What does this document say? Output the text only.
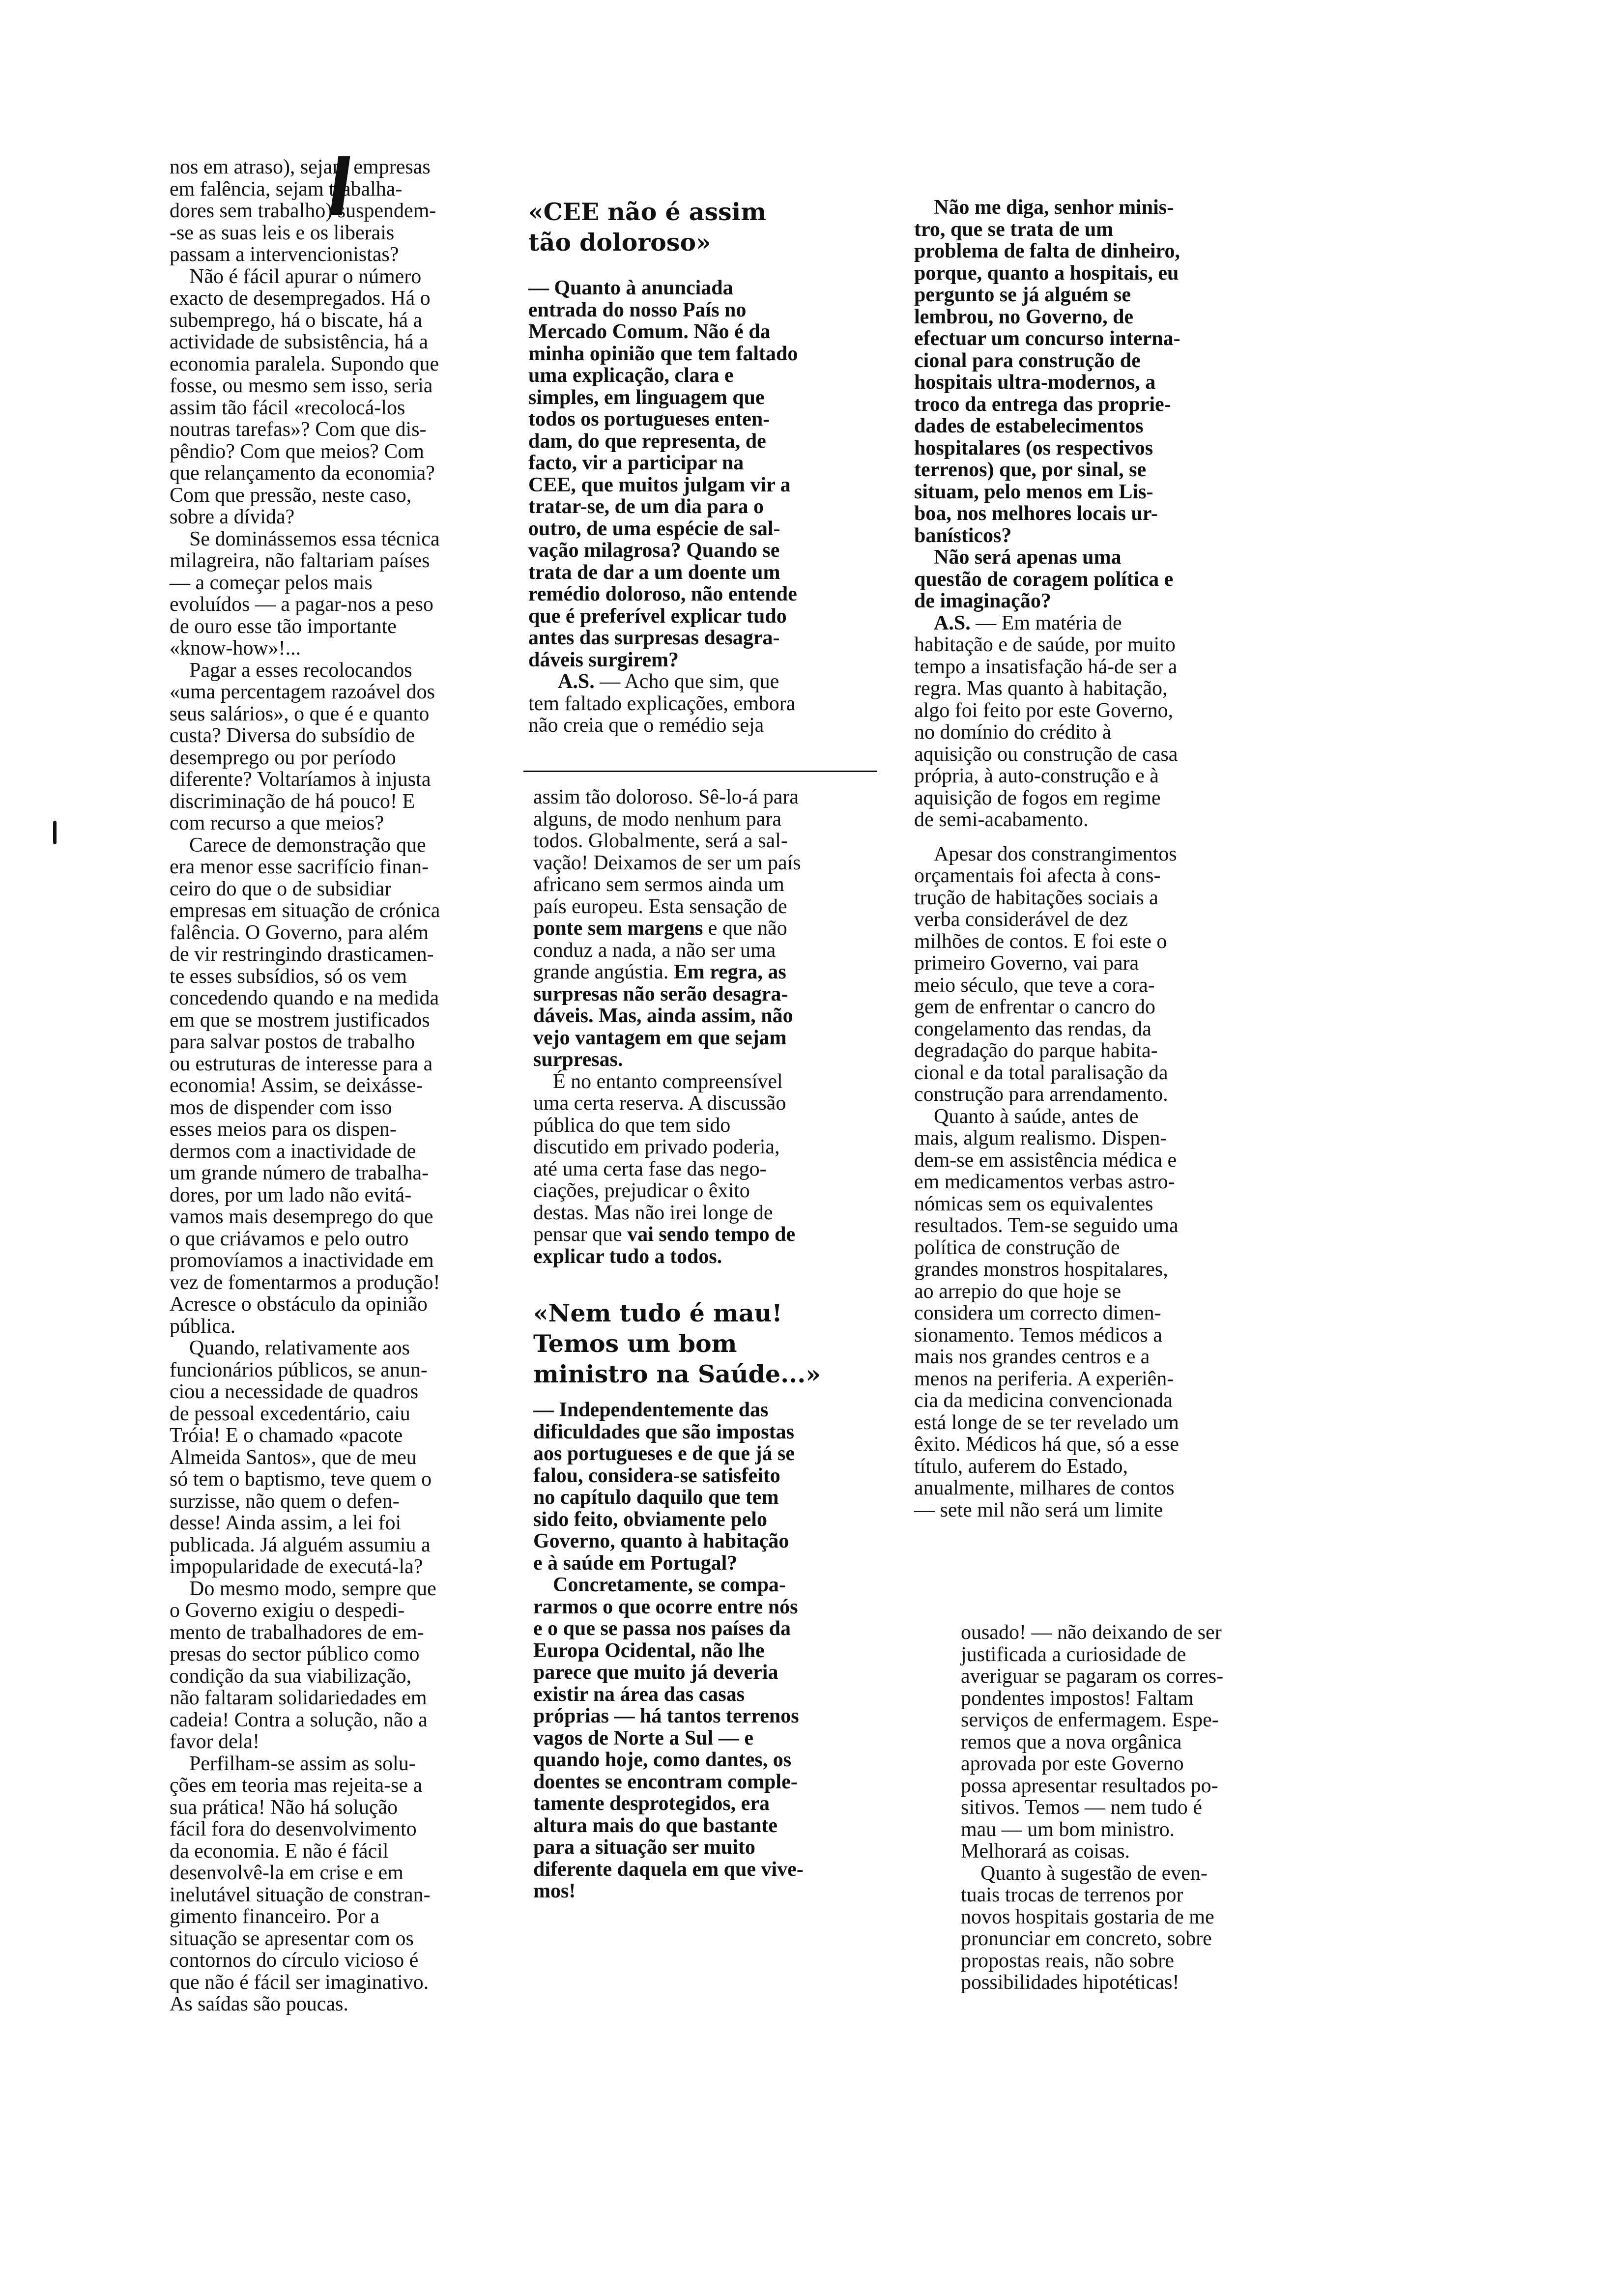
nos em atraso), sejam empresas
em falência, sejam trabalha-
dores sem trabalho) suspendem-
-se as suas leis e os liberais
passam a intervencionistas?

Não é fácil apurar o número
exacto de desempregados. Há o
subemprego, há o biscate, há a
actividade de subsistência, há a
economia paralela. Supondo que
fosse, ou mesmo sem isso, seria
assim tão fácil «recolocá-los
noutras tarefas»? Com que dis-
pêndio? Com que meios? Com
que relançamento da economia?
Com que pressão, neste caso,
sobre a dívida?

Se dominássemos essa técnica
milagreira, não faltariam países
— a começar pelos mais
evoluídos — a pagar-nos a peso
de ouro esse tão importante
«know-how»!...

Pagar a esses recolocandos
«uma percentagem razoável dos
seus salários», o que é e quanto
custa? Diversa do subsídio de
desemprego ou por período
diferente? Voltaríamos à injusta
discriminação de há pouco! E
com recurso a que meios?

Carece de demonstração que
era menor esse sacrifício finan-
ceiro do que o de subsidiar
empresas em situação de crónica
falência. O Governo, para além
de vir restringindo drasticamen-
te esses subsídios, só os vem
concedendo quando e na medida
em que se mostrem justificados
para salvar postos de trabalho
ou estruturas de interesse para a
economia! Assim, se deixásse-
mos de dispender com isso
esses meios para os dispen-
dermos com a inactividade de
um grande número de trabalha-
dores, por um lado não evitá-
vamos mais desemprego do que
o que criávamos e pelo outro
promovíamos a inactividade em
vez de fomentarmos a produção!
Acresce o obstáculo da opinião
pública.

Quando, relativamente aos
funcionários públicos, se anun-
ciou a necessidade de quadros
de pessoal excedentário, caiu
Tróia! E o chamado «pacote
Almeida Santos», que de meu
só tem o baptismo, teve quem o
surzisse, não quem o defen-
desse! Ainda assim, a lei foi
publicada. Já alguém assumiu a
impopularidade de executá-la?

Do mesmo modo, sempre que
o Governo exigiu o despedi-
mento de trabalhadores de em-
presas do sector público como
condição da sua viabilização,
não faltaram solidariedades em
cadeia! Contra a solução, não a
favor dela!

Perfilham-se assim as solu-
ções em teoria mas rejeita-se a
sua prática! Não há solução
fácil fora do desenvolvimento
da economia. E não é fácil
desenvolvê-la em crise e em
inelutável situação de constran-
gimento financeiro. Por a
situação se apresentar com os
contornos do círculo vicioso é
que não é fácil ser imaginativo.
As saídas são poucas.

«CEE não é assim
tão doloroso»

— Quanto à anunciada
entrada do nosso País no
Mercado Comum. Não é da
minha opinião que tem faltado
uma explicação, clara e
simples, em linguagem que
todos os portugueses enten-
dam, do que representa, de
facto, vir a participar na
CEE, que muitos julgam vir a
tratar-se, de um dia para o
outro, de uma espécie de sal-
vação milagrosa? Quando se
trata de dar a um doente um
remédio doloroso, não entende
que é preferível explicar tudo
antes das surpresas desagra-
dáveis surgirem?

A.S. — Acho que sim, que
tem faltado explicações, embora
não creia que o remédio seja

assim tão doloroso. Sê-lo-á para
alguns, de modo nenhum para
todos. Globalmente, será a sal-
vação! Deixamos de ser um país
africano sem sermos ainda um
país europeu. Esta sensação de
ponte sem margens e que não
conduz a nada, a não ser uma
grande angústia. Em regra, as
surpresas não serão desagra-
dáveis. Mas, ainda assim, não
vejo vantagem em que sejam
surpresas.

É no entanto compreensível
uma certa reserva. A discussão
pública do que tem sido
discutido em privado poderia,
até uma certa fase das nego-
ciações, prejudicar o êxito
destas. Mas não irei longe de
pensar que vai sendo tempo de
explicar tudo a todos.

«Nem tudo é mau!
Temos um bom
ministro na Saúde...»

— Independentemente das
dificuldades que são impostas
aos portugueses e de que já se
falou, considera-se satisfeito
no capítulo daquilo que tem
sido feito, obviamente pelo
Governo, quanto à habitação
e à saúde em Portugal?

Concretamente, se compa-
rarmos o que ocorre entre nós
e o que se passa nos países da
Europa Ocidental, não lhe
parece que muito já deveria
existir na área das casas
próprias — há tantos terrenos
vagos de Norte a Sul — e
quando hoje, como dantes, os
doentes se encontram comple-
tamente desprotegidos, era
altura mais do que bastante
para a situação ser muito
diferente daquela em que vive-
mos!

Não me diga, senhor minis-
tro, que se trata de um
problema de falta de dinheiro,
porque, quanto a hospitais, eu
pergunto se já alguém se
lembrou, no Governo, de
efectuar um concurso interna-
cional para construção de
hospitais ultra-modernos, a
troco da entrega das proprie-
dades de estabelecimentos
hospitalares (os respectivos
terrenos) que, por sinal, se
situam, pelo menos em Lis-
boa, nos melhores locais ur-
banísticos?

Não será apenas uma
questão de coragem política e
de imaginação?

A.S. — Em matéria de
habitação e de saúde, por muito
tempo a insatisfação há-de ser a
regra. Mas quanto à habitação,
algo foi feito por este Governo,
no domínio do crédito à
aquisição ou construção de casa
própria, à auto-construção e à
aquisição de fogos em regime
de semi-acabamento.

Apesar dos constrangimentos
orçamentais foi afecta à cons-
trução de habitações sociais a
verba considerável de dez
milhões de contos. E foi este o
primeiro Governo, vai para
meio século, que teve a cora-
gem de enfrentar o cancro do
congelamento das rendas, da
degradação do parque habita-
cional e da total paralisação da
construção para arrendamento.

Quanto à saúde, antes de
mais, algum realismo. Dispen-
dem-se em assistência médica e
em medicamentos verbas astro-
nómicas sem os equivalentes
resultados. Tem-se seguido uma
política de construção de
grandes monstros hospitalares,
ao arrepio do que hoje se
considera um correcto dimen-
sionamento. Temos médicos a
mais nos grandes centros e a
menos na periferia. A experiên-
cia da medicina convencionada
está longe de se ter revelado um
êxito. Médicos há que, só a esse
título, auferem do Estado,
anualmente, milhares de contos
— sete mil não será um limite

ousado! — não deixando de ser
justificada a curiosidade de
averiguar se pagaram os corres-
pondentes impostos! Faltam
serviços de enfermagem. Espe-
remos que a nova orgânica
aprovada por este Governo
possa apresentar resultados po-
sitivos. Temos — nem tudo é
mau — um bom ministro.
Melhorará as coisas.

Quanto à sugestão de even-
tuais trocas de terrenos por
novos hospitais gostaria de me
pronunciar em concreto, sobre
propostas reais, não sobre
possibilidades hipotéticas!
